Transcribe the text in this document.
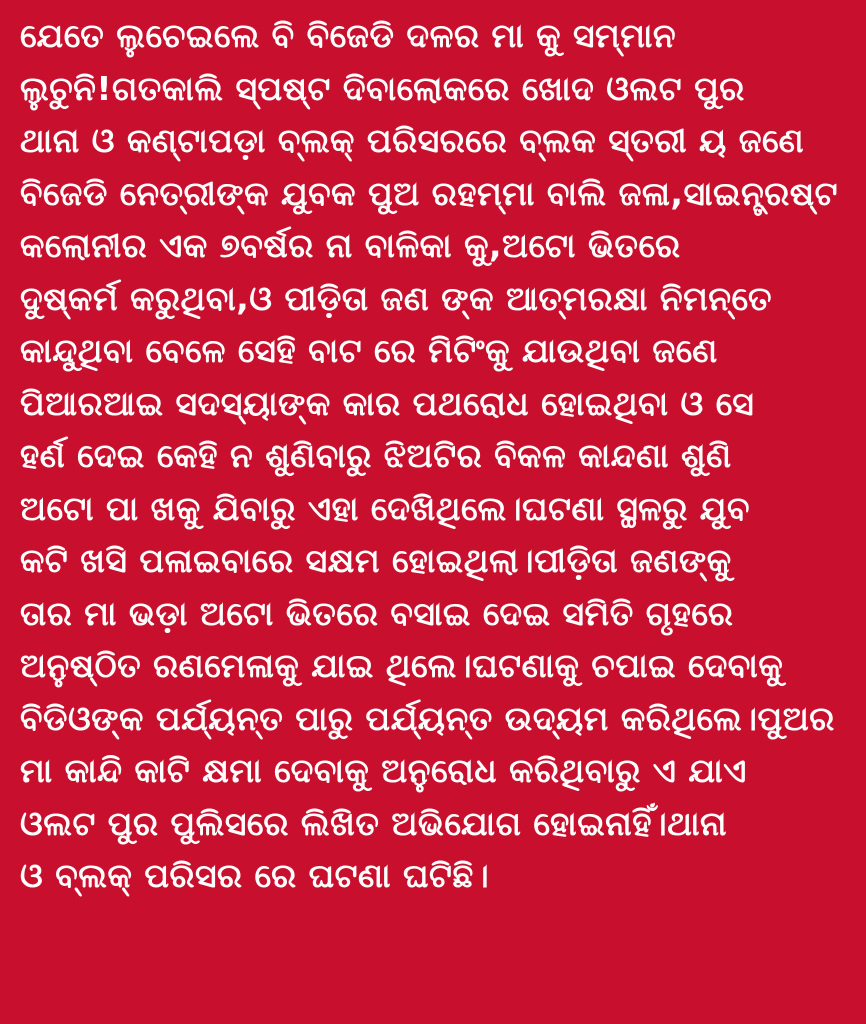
ଯେତେ ଲୁଚେଇଲେ ବି ବିଜେଡି ଦଳର ମା କୁ ସମ୍ମାନ
ଲୁଚୁନି!ଗତକାଲି ସ୍ପଷ୍ଟ ଦିବାଲୋକରେ ଖୋଦ ଓଲଟ ପୁର
ଥାନା ଓ କଣ୍ଟାପଡ଼ା ବ୍ଲକ୍ ପରିସରରେ ବ୍ଲକ ସ୍ତରୀ ୟ ଜଣେ
ବିଜେଡି ନେତ୍ରୀଙ୍କ ଯୁବକ ପୁଅ ରହମ୍ମା ବାଲି ଜଳା,ସାଇନ୍ତ୍ରଷ୍ଟ
କଲୋନୀର ଏକ ୭ବର୍ଷର ନା ବାଳିକା କୁ,ଅଟୋ ଭିତରେ
ଦୁଷ୍କର୍ମ କରୁଥିବା,ଓ ପୀଡ଼ିତା ଜଣ ଙ୍କ ଆତ୍ମରକ୍ଷା ନିମନ୍ତେ
କାନ୍ଦୁଥିବା ବେଳେ ସେହି ବାଟ ରେ ମିଟିଂକୁ ଯାଉଥିବା ଜଣେ
ପିଆରଆଇ ସଦସ୍ୟାଙ୍କ କାର ପଥରୋଧ ହୋଇଥିବା ଓ ସେ
ହର୍ଣ ଦେଇ କେହି ନ ଶୁଣିବାରୁ ଝିଅଟିର ବିକଳ କାନ୍ଦଣା ଶୁଣି
ଅଟୋ ପା ଖକୁ ଯିବାରୁ ଏହା ଦେଖିଥିଲେ।ଘଟଣା ସ୍ଥଳରୁ ଯୁବ
କଟି ଖସି ପଳାଇବାରେ ସକ୍ଷମ ହୋଇଥିଲା।ପୀଡ଼ିତା ଜଣଙ୍କୁ
ତାର ମା ଭଡ଼ା ଅଟୋ ଭିତରେ ବସାଇ ଦେଇ ସମିତି ଗୃହରେ
ଅନୁଷ୍ଠିତ ରଣମେଳାକୁ ଯାଇ ଥିଲେ।ଘଟଣାକୁ ଚପାଇ ଦେବାକୁ
ବିଡିଓଙ୍କ ପର୍ଯ୍ୟନ୍ତ ପାରୁ ପର୍ଯ୍ୟନ୍ତ ଉଦ୍ୟମ କରିଥିଲେ।ପୁଅର
ମା କାନ୍ଦି କାଟି କ୍ଷମା ଦେବାକୁ ଅନୁରୋଧ କରିଥିବାରୁ ଏ ଯାଏ
ଓଲଟ ପୁର ପୁଲିସରେ ଲିଖିତ ଅଭିଯୋଗ ହୋଇନାହିଁ।ଥାନା
ଓ ବ୍ଲକ୍ ପରିସର ରେ ଘଟଣା ଘଟିଛି।
